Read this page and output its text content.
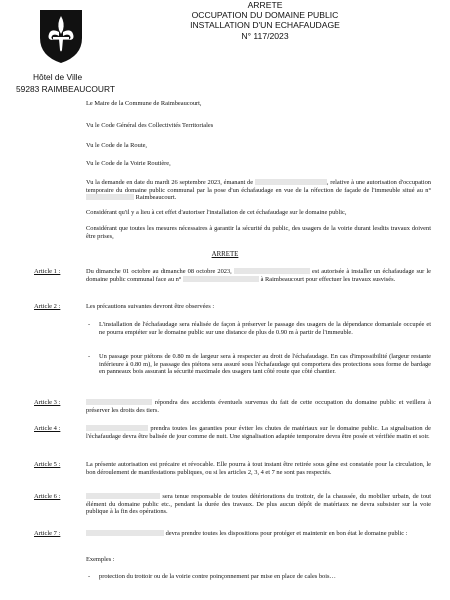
ARRETE
OCCUPATION DU DOMAINE PUBLIC
INSTALLATION D'UN ECHAFAUDAGE
N° 117/2023
Hôtel de Ville
59283 RAIMBEAUCOURT
Le Maire de la Commune de Raimbeaucourt,
Vu le Code Général des Collectivités Territoriales
Vu le Code de la Route,
Vu le Code de la Voirie Routière,
Vu la demande en date du mardi 26 septembre 2023, émanant de	, relative à une autorisation d'occupation temporaire du domaine public communal par la pose d'un échafaudage en vue de la réfection de façade de l'immeuble situé au n°  Raimbeaucourt.
Considérant qu'il y a lieu à cet effet d'autoriser l'installation de cet échafaudage sur le domaine public,
Considérant que toutes les mesures nécessaires à garantir la sécurité du public, des usagers de la voirie durant lesdits travaux doivent être prises,
ARRETE
Article 1 :	Du dimanche 01 octobre au dimanche 08 octobre 2023,	est autorisée à installer un échafaudage sur le domaine public communal face au n°	à Raimbeaucourt pour effectuer les travaux susvisés.
Article 2 :	Les précautions suivantes devront être observées :
- L'installation de l'échafaudage sera réalisée de façon à préserver le passage des usagers de la dépendance domaniale occupée et ne pourra empiéter sur le domaine public sur une distance de plus de 0.90 m à partir de l'immeuble.
- Un passage pour piétons de 0.80 m de largeur sera à respecter au droit de l'échafaudage. En cas d'impossibilité (largeur restante inférieure à 0.80 m), le passage des piétons sera assuré sous l'échafaudage qui comportera des protections sous forme de bardage en panneaux bois assurant la sécurité maximale des usagers tant côté route que côté chantier.
Article 3 :	répondra des accidents éventuels survenus du fait de cette occupation du domaine public et veillera à préserver les droits des tiers.
Article 4 :	prendra toutes les garanties pour éviter les chutes de matériaux sur le domaine public. La signalisation de l'échafaudage devra être balisée de jour comme de nuit. Une signalisation adaptée temporaire devra être posée et vérifiée matin et soir.
Article 5 :	La présente autorisation est précaire et révocable. Elle pourra à tout instant être retirée sous gêne est constatée pour la circulation, le bon déroulement de manifestations publiques, ou si les articles 2, 3, 4 et 7 ne sont pas respectés.
Article 6 :	sera tenue responsable de toutes détériorations du trottoir, de la chaussée, du mobilier urbain, de tout élément du domaine public etc., pendant la durée des travaux. De plus aucun dépôt de matériaux ne devra subsister sur la voie publique à la fin des opérations.
Article 7 :	devra prendre toutes les dispositions pour protéger et maintenir en bon état le domaine public :
Exemples :
- protection du trottoir ou de la voirie contre poinçonnement par mise en place de cales bois…
